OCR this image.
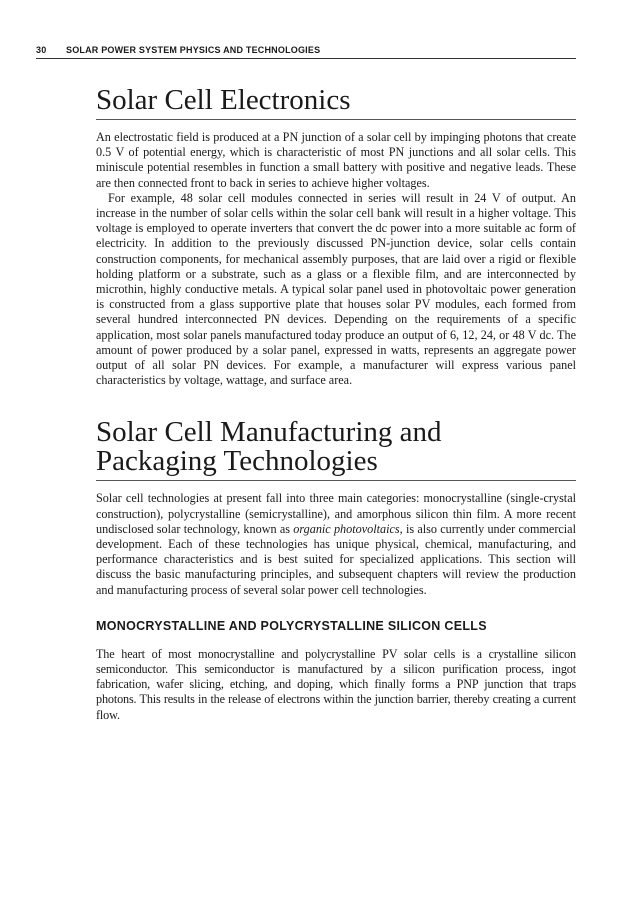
30 SOLAR POWER SYSTEM PHYSICS AND TECHNOLOGIES
Solar Cell Electronics

An electrostatic field is produced at a PN junction of a solar cell by impinging photons that create 0.5 V of potential energy, which is characteristic of most PN junctions and all solar cells. This miniscule potential resembles in function a small battery with positive and negative leads. These are then connected front to back in series to achieve higher voltages.

For example, 48 solar cell modules connected in series will result in 24 V of output. An increase in the number of solar cells within the solar cell bank will result in a higher voltage. This voltage is employed to operate inverters that convert the dc power into a more suitable ac form of electricity. In addition to the previously discussed PN-junction device, solar cells contain construction components, for mechanical assembly purposes, that are laid over a rigid or flexible holding platform or a substrate, such as a glass or a flexible film, and are interconnected by microthin, highly conductive metals. A typical solar panel used in photovoltaic power generation is constructed from a glass supportive plate that houses solar PV modules, each formed from several hundred interconnected PN devices. Depending on the requirements of a specific application, most solar panels manufactured today produce an output of 6, 12, 24, or 48 V dc. The amount of power produced by a solar panel, expressed in watts, represents an aggregate power output of all solar PN devices. For example, a manufacturer will express various panel characteristics by voltage, wattage, and surface area.

Solar Cell Manufacturing and
Packaging Technologies

Solar cell technologies at present fall into three main categories: monocrystalline (single-crystal construction), polycrystalline (semicrystalline), and amorphous silicon thin film. A more recent undisclosed solar technology, known as organic photovoltaics, is also currently under commercial development. Each of these technologies has unique physical, chemical, manufacturing, and performance characteristics and is best suited for specialized applications. This section will discuss the basic manufacturing principles, and subsequent chapters will review the production and manufacturing process of several solar power cell technologies.

MONOCRYSTALLINE AND POLYCRYSTALLINE SILICON CELLS

The heart of most monocrystalline and polycrystalline PV solar cells is a crystalline silicon semiconductor. This semiconductor is manufactured by a silicon purification process, ingot fabrication, wafer slicing, etching, and doping, which finally forms a PNP junction that traps photons. This results in the release of electrons within the junction barrier, thereby creating a current flow.
